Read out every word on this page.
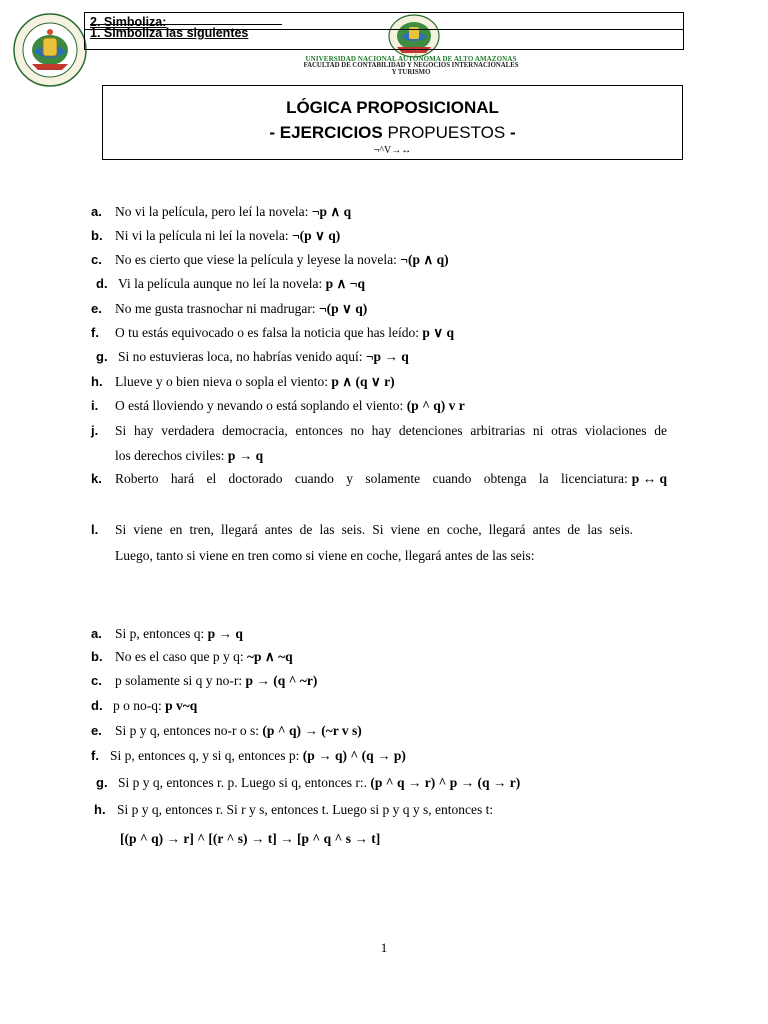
2. Simboliza:
1. Simboliza las siguientes
UNIVERSIDAD NACIONAL AUTÓNOMA DE ALTO AMAZONAS
FACULTAD DE CONTABILIDAD Y NEGOCIOS INTERNACIONALES
Y TURISMO
LÓGICA PROPOSICIONAL
- EJERCICIOS PROPUESTOS -
¬^V→↔
a. No vi la película, pero leí la novela: ¬p ∧ q
b. Ni vi la película ni leí la novela: ¬(p ∨ q)
c. No es cierto que viese la película y leyese la novela: ¬(p ∧ q)
d. Vi la película aunque no leí la novela: p ∧ ¬q
e. No me gusta trasnochar ni madrugar: ¬(p ∨ q)
f. O tu estás equivocado o es falsa la noticia que has leído: p ∨ q
g. Si no estuvieras loca, no habrías venido aquí: ¬p → q
h. Llueve y o bien nieva o sopla el viento: p ∧ (q ∨ r)
i. O está lloviendo y nevando o está soplando el viento: (p ^ q) v r
j. Si hay verdadera democracia, entonces no hay detenciones arbitrarias ni otras violaciones de
los derechos civiles: p → q
k. Roberto hará el doctorado cuando y solamente cuando obtenga la licenciatura: p ↔ q
l. Si viene en tren, llegará antes de las seis. Si viene en coche, llegará antes de las seis.
Luego, tanto si viene en tren como si viene en coche, llegará antes de las seis:
a. Si p, entonces q: p → q
b. No es el caso que p y q: ~p ∧ ~q
c. p solamente si q y no-r: p → (q ^ ~r)
d. p o no-q: p v~q
e. Si p y q, entonces no-r o s: (p ^ q) → (~r v s)
f. Si p, entonces q, y si q, entonces p: (p → q) ^ (q → p)
g. Si p y q, entonces r. p. Luego si q, entonces r:. (p ^ q → r) ^ p → (q → r)
h. Si p y q, entonces r. Si r y s, entonces t. Luego si p y q y s, entonces t:
[(p ^ q) → r] ^ [(r ^ s) → t] → [p ^ q ^ s → t]
1
